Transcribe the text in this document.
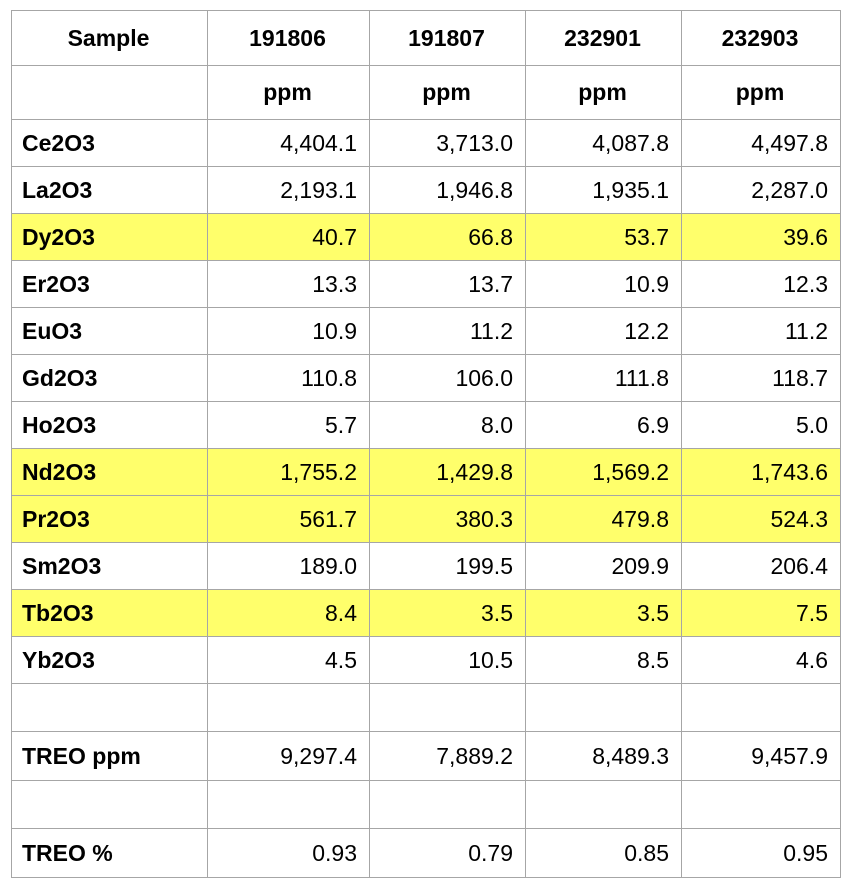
Sample	191806	191807	232901	232903
	ppm	ppm	ppm	ppm
Ce2O3	4,404.1	3,713.0	4,087.8	4,497.8
La2O3	2,193.1	1,946.8	1,935.1	2,287.0
Dy2O3	40.7	66.8	53.7	39.6
Er2O3	13.3	13.7	10.9	12.3
EuO3	10.9	11.2	12.2	11.2
Gd2O3	110.8	106.0	111.8	118.7
Ho2O3	5.7	8.0	6.9	5.0
Nd2O3	1,755.2	1,429.8	1,569.2	1,743.6
Pr2O3	561.7	380.3	479.8	524.3
Sm2O3	189.0	199.5	209.9	206.4
Tb2O3	8.4	3.5	3.5	7.5
Yb2O3	4.5	10.5	8.5	4.6

TREO ppm	9,297.4	7,889.2	8,489.3	9,457.9

TREO %	0.93	0.79	0.85	0.95
